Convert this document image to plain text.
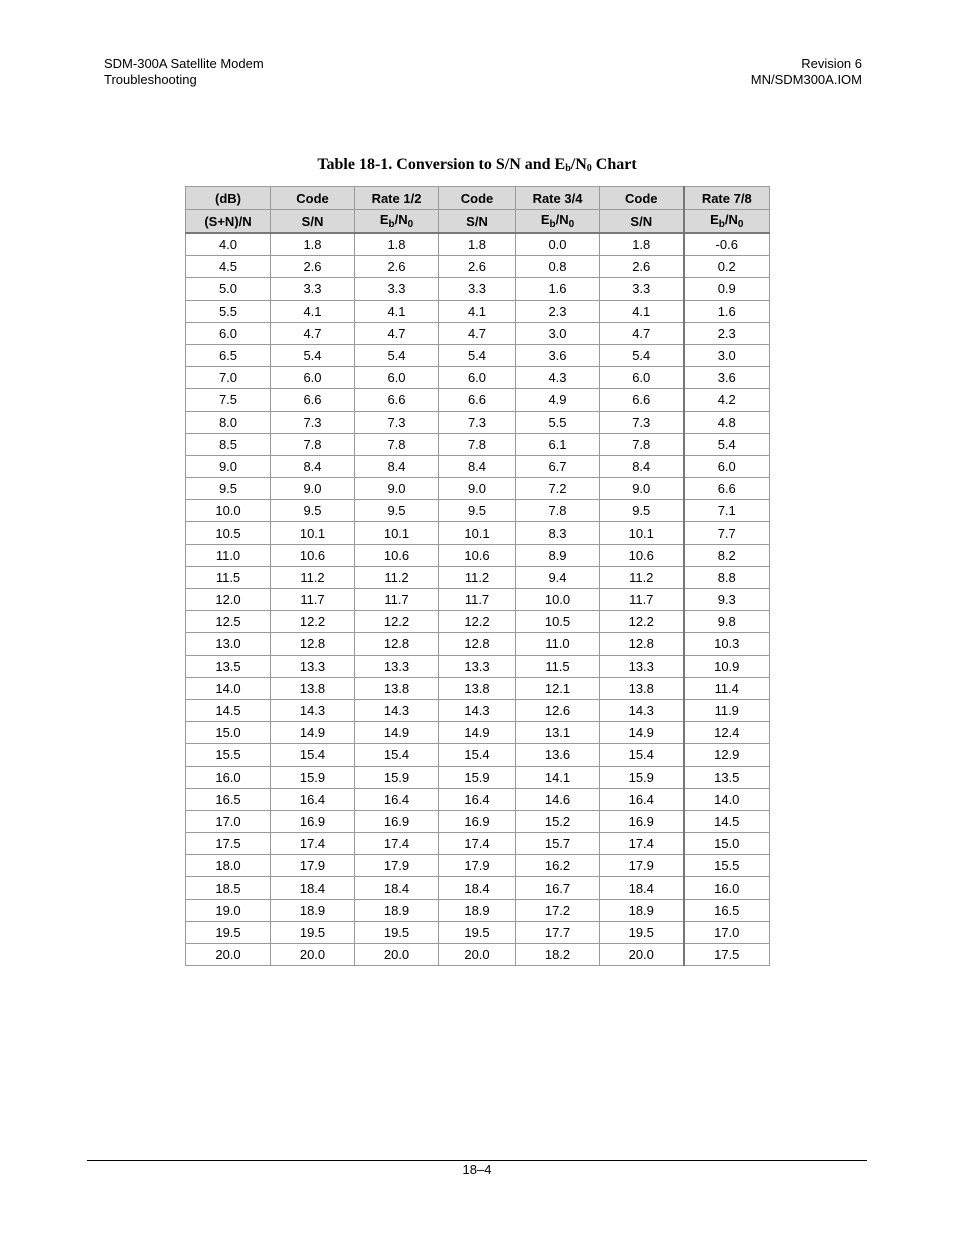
SDM-300A Satellite Modem
Troubleshooting
Revision 6
MN/SDM300A.IOM
Table 18-1. Conversion to S/N and $E_b/N_0$ Chart
(dB)	Code	Rate 1/2	Code	Rate 3/4	Code	Rate 7/8
(S+N)/N	S/N	$E_b/N_0$	S/N	$E_b/N_0$	S/N	$E_b/N_0$
4.0	1.8	1.8	1.8	0.0	1.8	-0.6
4.5	2.6	2.6	2.6	0.8	2.6	0.2
5.0	3.3	3.3	3.3	1.6	3.3	0.9
5.5	4.1	4.1	4.1	2.3	4.1	1.6
6.0	4.7	4.7	4.7	3.0	4.7	2.3
6.5	5.4	5.4	5.4	3.6	5.4	3.0
7.0	6.0	6.0	6.0	4.3	6.0	3.6
7.5	6.6	6.6	6.6	4.9	6.6	4.2
8.0	7.3	7.3	7.3	5.5	7.3	4.8
8.5	7.8	7.8	7.8	6.1	7.8	5.4
9.0	8.4	8.4	8.4	6.7	8.4	6.0
9.5	9.0	9.0	9.0	7.2	9.0	6.6
10.0	9.5	9.5	9.5	7.8	9.5	7.1
10.5	10.1	10.1	10.1	8.3	10.1	7.7
11.0	10.6	10.6	10.6	8.9	10.6	8.2
11.5	11.2	11.2	11.2	9.4	11.2	8.8
12.0	11.7	11.7	11.7	10.0	11.7	9.3
12.5	12.2	12.2	12.2	10.5	12.2	9.8
13.0	12.8	12.8	12.8	11.0	12.8	10.3
13.5	13.3	13.3	13.3	11.5	13.3	10.9
14.0	13.8	13.8	13.8	12.1	13.8	11.4
14.5	14.3	14.3	14.3	12.6	14.3	11.9
15.0	14.9	14.9	14.9	13.1	14.9	12.4
15.5	15.4	15.4	15.4	13.6	15.4	12.9
16.0	15.9	15.9	15.9	14.1	15.9	13.5
16.5	16.4	16.4	16.4	14.6	16.4	14.0
17.0	16.9	16.9	16.9	15.2	16.9	14.5
17.5	17.4	17.4	17.4	15.7	17.4	15.0
18.0	17.9	17.9	17.9	16.2	17.9	15.5
18.5	18.4	18.4	18.4	16.7	18.4	16.0
19.0	18.9	18.9	18.9	17.2	18.9	16.5
19.5	19.5	19.5	19.5	17.7	19.5	17.0
20.0	20.0	20.0	20.0	18.2	20.0	17.5
18–4
